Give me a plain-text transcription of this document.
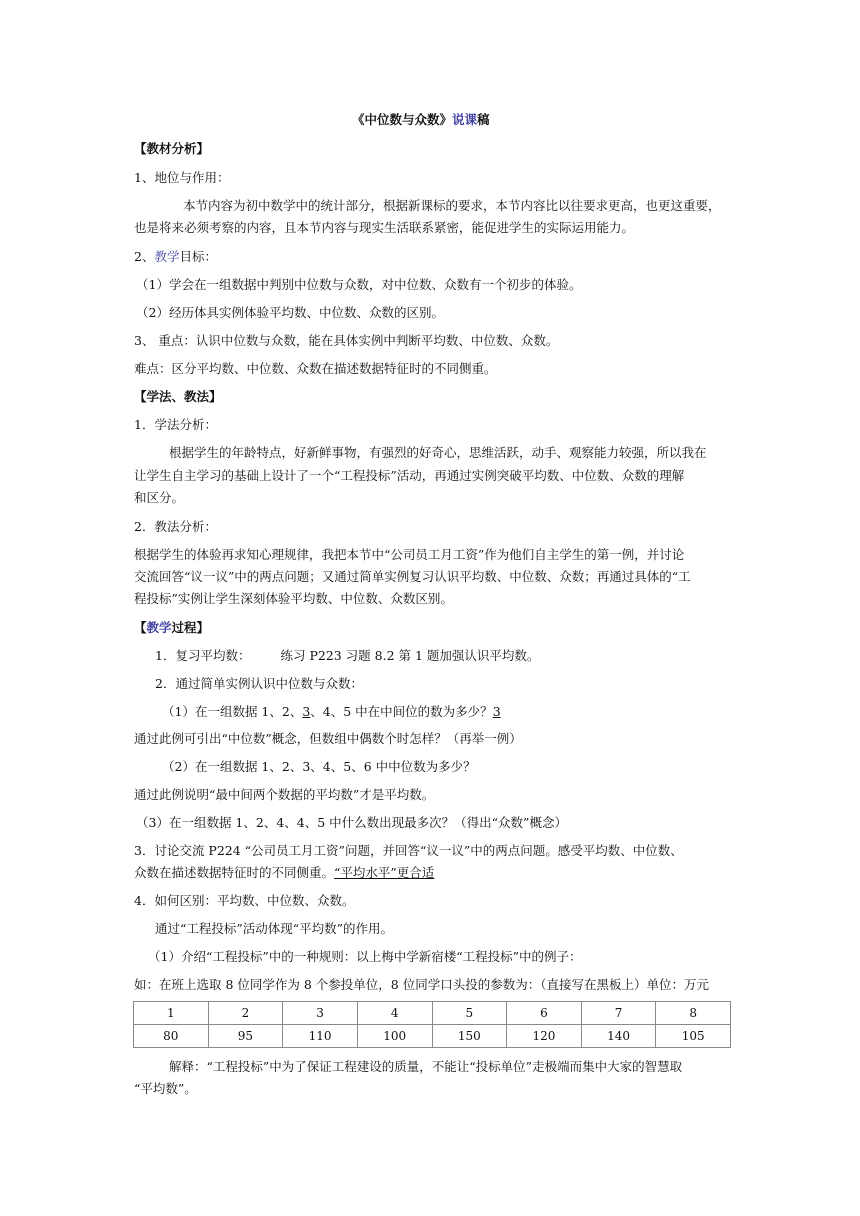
《中位数与众数》说课稿
【教材分析】
1、地位与作用：
本节内容为初中数学中的统计部分，根据新课标的要求，本节内容比以往要求更高，也更这重要，
也是将来必须考察的内容，且本节内容与现实生活联系紧密，能促进学生的实际运用能力。
2、教学目标：
（1）学会在一组数据中判别中位数与众数，对中位数、众数有一个初步的体验。
（2）经历体具实例体验平均数、中位数、众数的区别。
3、 重点：认识中位数与众数，能在具体实例中判断平均数、中位数、众数。
难点：区分平均数、中位数、众数在描述数据特征时的不同侧重。
【学法、教法】
1．学法分析：
根据学生的年龄特点，好新鲜事物，有强烈的好奇心，思维活跃，动手、观察能力较强，所以我在
让学生自主学习的基础上设计了一个“工程投标”活动，再通过实例突破平均数、中位数、众数的理解
和区分。
2．教法分析：
根据学生的体验再求知心理规律，我把本节中“公司员工月工资”作为他们自主学生的第一例，并讨论
交流回答“议一议”中的两点问题；又通过简单实例复习认识平均数、中位数、众数；再通过具体的“工
程投标”实例让学生深刻体验平均数、中位数、众数区别。
【教学过程】
1．复习平均数： 练习 P223 习题 8.2 第 1 题加强认识平均数。
2．通过简单实例认识中位数与众数：
（1）在一组数据 1、2、3、4、5 中在中间位的数为多少？3
通过此例可引出“中位数”概念，但数组中偶数个时怎样？（再举一例）
（2）在一组数据 1、2、3、4、5、6 中中位数为多少？
通过此例说明“最中间两个数据的平均数”才是平均数。
（3）在一组数据 1、2、4、4、5 中什么数出现最多次？（得出“众数”概念）
3．讨论交流 P224 “公司员工月工资”问题，并回答“议一议”中的两点问题。感受平均数、中位数、
众数在描述数据特征时的不同侧重。“平均水平”更合适
4．如何区别：平均数、中位数、众数。
通过“工程投标”活动体现“平均数”的作用。
（1）介绍“工程投标”中的一种规则：以上梅中学新宿楼“工程投标”中的例子：
如：在班上选取 8 位同学作为 8 个参投单位，8 位同学口头投的参数为：（直接写在黑板上）单位：万元
1	2	3	4	5	6	7	8
80	95	110	100	150	120	140	105
解释：“工程投标”中为了保证工程建设的质量，不能让“投标单位”走极端而集中大家的智慧取
“平均数”。
